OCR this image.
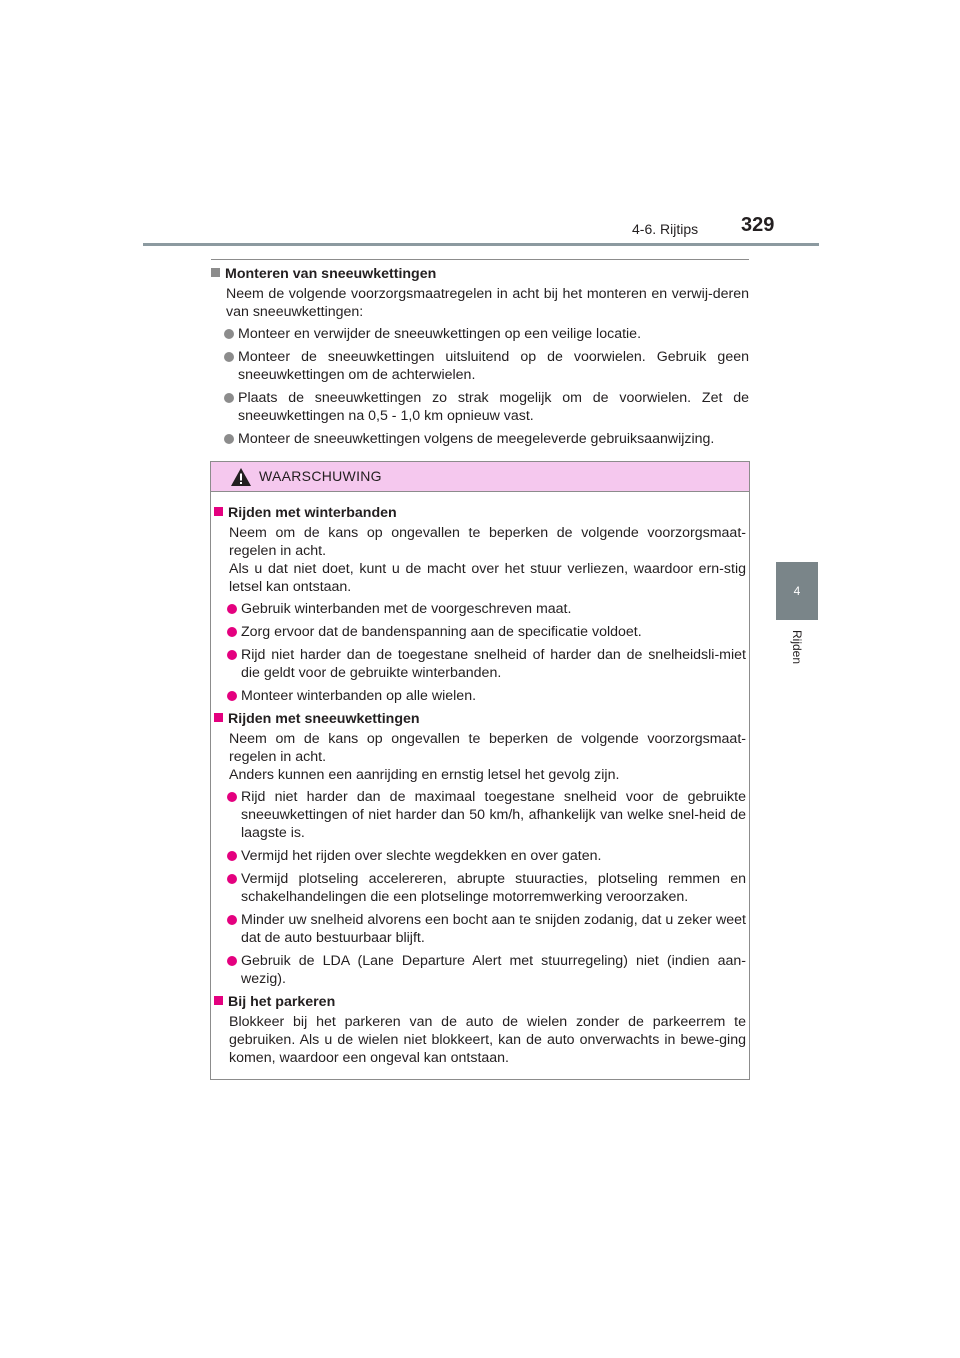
4-6. Rijtips 329
4
Rijden
Monteren van sneeuwkettingen
Neem de volgende voorzorgsmaatregelen in acht bij het monteren en verwij-deren van sneeuwkettingen:
Monteer en verwijder de sneeuwkettingen op een veilige locatie.
Monteer de sneeuwkettingen uitsluitend op de voorwielen. Gebruik geen sneeuwkettingen om de achterwielen.
Plaats de sneeuwkettingen zo strak mogelijk om de voorwielen. Zet de sneeuwkettingen na 0,5 - 1,0 km opnieuw vast.
Monteer de sneeuwkettingen volgens de meegeleverde gebruiksaanwijzing.
WAARSCHUWING
Rijden met winterbanden
Neem om de kans op ongevallen te beperken de volgende voorzorgsmaat-regelen in acht.
Als u dat niet doet, kunt u de macht over het stuur verliezen, waardoor ern-stig letsel kan ontstaan.
Gebruik winterbanden met de voorgeschreven maat.
Zorg ervoor dat de bandenspanning aan de specificatie voldoet.
Rijd niet harder dan de toegestane snelheid of harder dan de snelheidsli-miet die geldt voor de gebruikte winterbanden.
Monteer winterbanden op alle wielen.
Rijden met sneeuwkettingen
Neem om de kans op ongevallen te beperken de volgende voorzorgsmaat-regelen in acht.
Anders kunnen een aanrijding en ernstig letsel het gevolg zijn.
Rijd niet harder dan de maximaal toegestane snelheid voor de gebruikte sneeuwkettingen of niet harder dan 50 km/h, afhankelijk van welke snel-heid de laagste is.
Vermijd het rijden over slechte wegdekken en over gaten.
Vermijd plotseling accelereren, abrupte stuuracties, plotseling remmen en schakelhandelingen die een plotselinge motorremwerking veroorzaken.
Minder uw snelheid alvorens een bocht aan te snijden zodanig, dat u zeker weet dat de auto bestuurbaar blijft.
Gebruik de LDA (Lane Departure Alert met stuurregeling) niet (indien aan-wezig).
Bij het parkeren
Blokkeer bij het parkeren van de auto de wielen zonder de parkeerrem te gebruiken. Als u de wielen niet blokkeert, kan de auto onverwachts in bewe-ging komen, waardoor een ongeval kan ontstaan.
